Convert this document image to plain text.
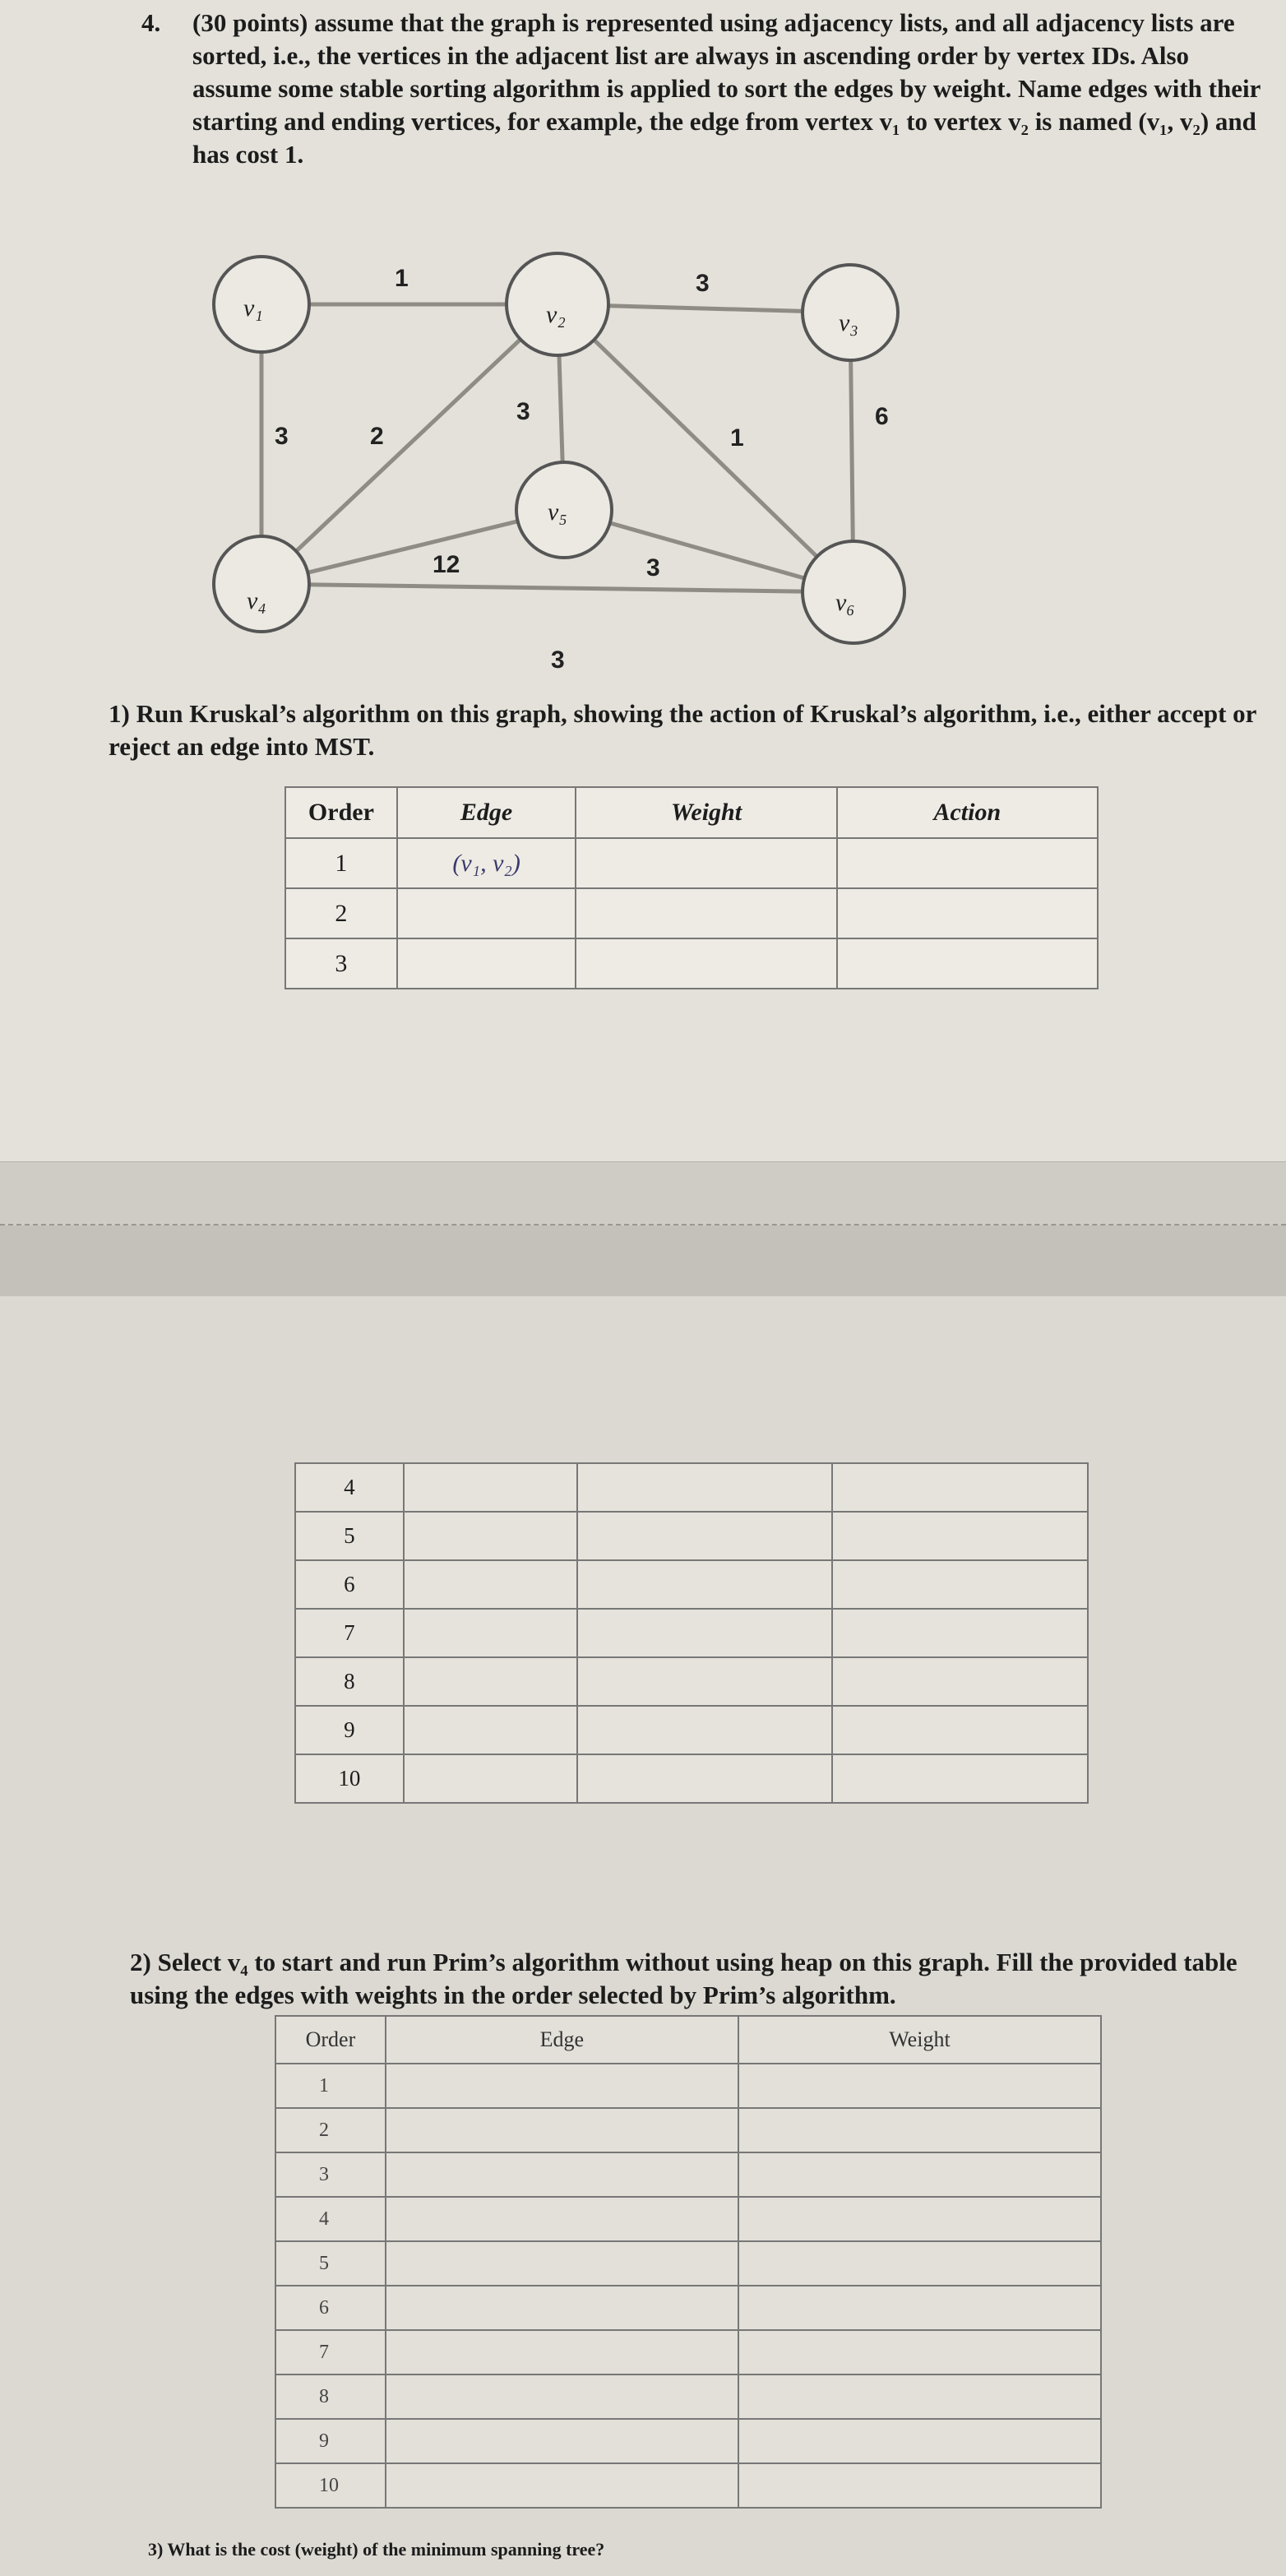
4. (30 points) assume that the graph is represented using adjacency lists, and all adjacency lists are sorted, i.e., the vertices in the adjacent list are always in ascending order by vertex IDs. Also assume some stable sorting algorithm is applied to sort the edges by weight. Name edges with their starting and ending vertices, for example, the edge from vertex v₁ to vertex v₂ is named (v₁, v₂) and has cost 1.
v₁	v₂	v₃
v₄
v₅
v₆
1	3
3	2
3
1
6
12	3
3
1) Run Kruskal’s algorithm on this graph, showing the action of Kruskal’s algorithm, i.e., either accept or reject an edge into MST.
Order	Edge	Weight	Action
1	(v₁, v₂)		
2			
3			
4			
5			
6			
7			
8			
9			
10			
2) Select v₄ to start and run Prim’s algorithm without using heap on this graph. Fill the provided table using the edges with weights in the order selected by Prim’s algorithm.
Order	Edge	Weight
1		
2		
3		
4		
5		
6		
7		
8		
9		
10		
3) What is the cost (weight) of the minimum spanning tree?
